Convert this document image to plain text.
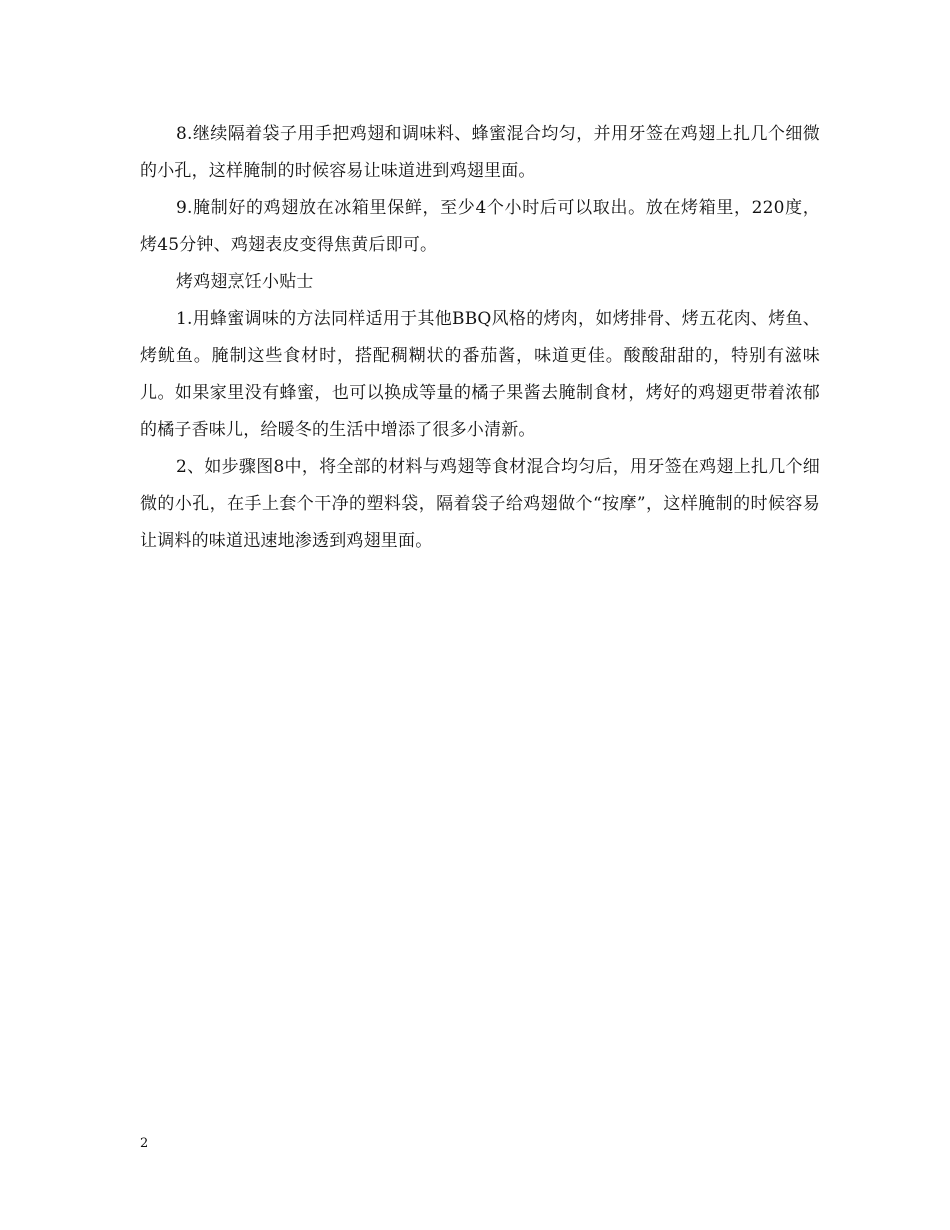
8.继续隔着袋子用手把鸡翅和调味料、蜂蜜混合均匀，并用牙签在鸡翅上扎几个细微的小孔，这样腌制的时候容易让味道进到鸡翅里面。

9.腌制好的鸡翅放在冰箱里保鲜，至少4个小时后可以取出。放在烤箱里，220度，烤45分钟、鸡翅表皮变得焦黄后即可。

烤鸡翅烹饪小贴士

1.用蜂蜜调味的方法同样适用于其他BBQ风格的烤肉，如烤排骨、烤五花肉、烤鱼、烤鱿鱼。腌制这些食材时，搭配稠糊状的番茄酱，味道更佳。酸酸甜甜的，特别有滋味儿。如果家里没有蜂蜜，也可以换成等量的橘子果酱去腌制食材，烤好的鸡翅更带着浓郁的橘子香味儿，给暖冬的生活中增添了很多小清新。

2、如步骤图8中，将全部的材料与鸡翅等食材混合均匀后，用牙签在鸡翅上扎几个细微的小孔，在手上套个干净的塑料袋，隔着袋子给鸡翅做个“按摩”，这样腌制的时候容易让调料的味道迅速地渗透到鸡翅里面。

2
